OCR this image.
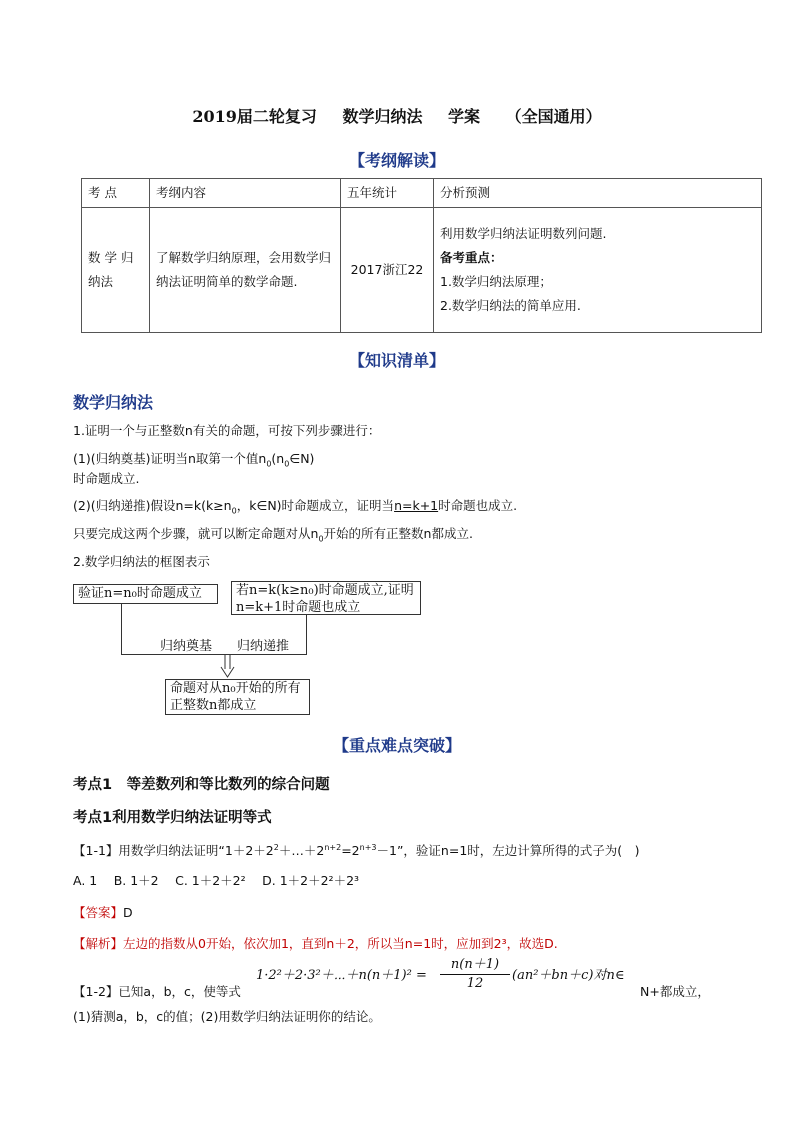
2019届二轮复习 数学归纳法 学案 （全国通用）
【考纲解读】
考 点	考纲内容	五年统计	分析预测
数 学 归 纳法	了解数学归纳原理，会用数学归纳法证明简单的数学命题.	2017浙江22	利用数学归纳法证明数列问题.
备考重点：
1.数学归纳法原理；
2.数学归纳法的简单应用.
【知识清单】
数学归纳法
1.证明一个与正整数n有关的命题，可按下列步骤进行：
(1)(归纳奠基)证明当n取第一个值$n_0(n_0\in N)$
时命题成立.
(2)(归纳递推)假设$n=k(k\ge n_0$，k∈N)时命题成立，证明当n=k+1时命题也成立.
只要完成这两个步骤，就可以断定命题对从$n_0$开始的所有正整数n都成立.
2.数学归纳法的框图表示
验证n=n₀时命题成立	若n=k(k≥n₀)时命题成立,证明
n=k+1时命题也成立
归纳奠基 归纳递推
命题对从n₀开始的所有
正整数n都成立
【重点难点突破】
考点1　等差数列和等比数列的综合问题
考点1利用数学归纳法证明等式
【1-1】用数学归纳法证明“$1+2+2^2+\dots+2^{n+2}=2^{n+3}-1$”，验证n=1时，左边计算所得的式子为(　)
A. 1　 B. 1＋2　 C. 1＋2＋2²　 D. 1＋2＋2²＋2³
【答案】D
【解析】左边的指数从0开始，依次加1，直到n＋2，所以当n=1时，应加到2³，故选D.
【1-2】已知a，b，c，使等式
1·2²＋2·3²＋⋯＋n(n＋1)² = $\frac{n(n+1)}{12} (an^2+bn+c)$对n∈
N+都成立，
(1)猜测a，b，c的值；(2)用数学归纳法证明你的结论。
